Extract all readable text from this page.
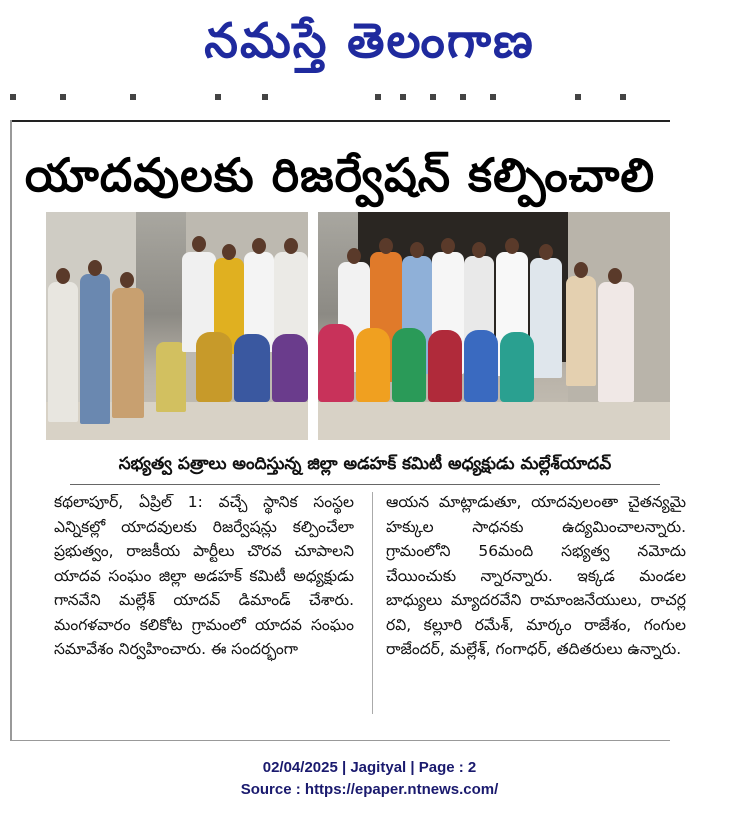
నమస్తే తెలంగాణ
యాదవులకు రిజర్వేషన్ కల్పించాలి
సభ్యత్వ పత్రాలు అందిస్తున్న జిల్లా అడహక్ కమిటీ అధ్యక్షుడు మల్లేశ్‌యాదవ్

కథలాపూర్, ఏప్రిల్ 1: వచ్చే స్థానిక సంస్థల ఎన్నికల్లో యాదవులకు రిజర్వేషన్లు కల్పించేలా ప్రభుత్వం, రాజకీయ పార్టీలు చొరవ చూపాలని యాదవ సంఘం జిల్లా అడహక్ కమిటీ అధ్యక్షుడు గానవేని మల్లేశ్ యాదవ్ డిమాండ్ చేశారు. మంగళవారం కలికోట గ్రామంలో యాదవ సంఘం సమావేశం నిర్వహించారు. ఈ సందర్భంగా

ఆయన మాట్లాడుతూ, యాదవులంతా చైతన్యమై హక్కుల సాధనకు ఉద్యమించాలన్నారు. గ్రామంలోని 56మంది సభ్యత్వ నమోదు చేయించుకు న్నారన్నారు. ఇక్కడ మండల బాధ్యులు మ్యాదరవేని రామాంజనేయులు, రాచర్ల రవి, కల్లూరి రమేశ్, మార్కం రాజేశం, గంగుల రాజేందర్, మల్లేశ్, గంగాధర్, తదితరులు ఉన్నారు.

02/04/2025 | Jagityal | Page : 2
Source : https://epaper.ntnews.com/
